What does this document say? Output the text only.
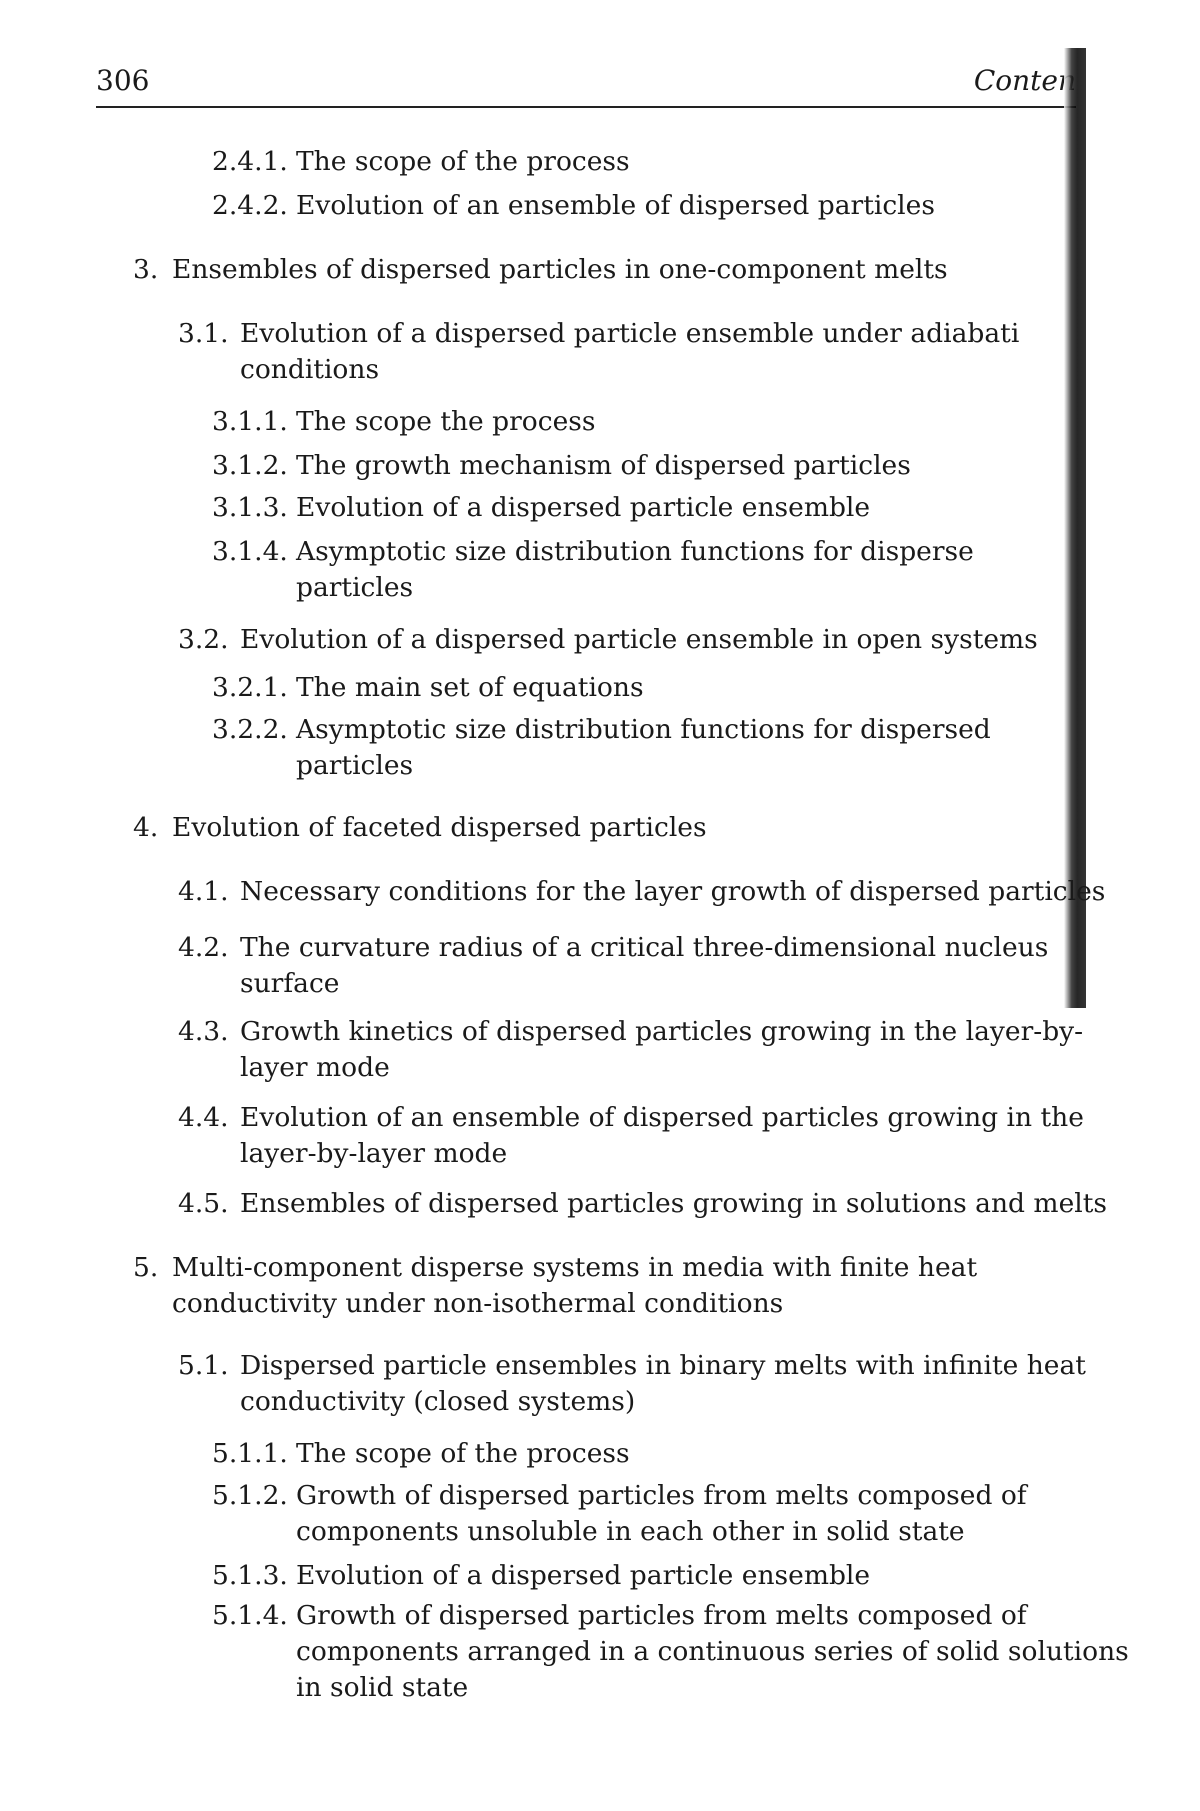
306	Conten
2.4.1. The scope of the process
2.4.2. Evolution of an ensemble of dispersed particles
3. Ensembles of dispersed particles in one-component melts
3.1. Evolution of a dispersed particle ensemble under adiabati
conditions
3.1.1. The scope the process
3.1.2. The growth mechanism of dispersed particles
3.1.3. Evolution of a dispersed particle ensemble
3.1.4. Asymptotic size distribution functions for disperse
particles
3.2. Evolution of a dispersed particle ensemble in open systems
3.2.1. The main set of equations
3.2.2. Asymptotic size distribution functions for dispersed
particles
4. Evolution of faceted dispersed particles
4.1. Necessary conditions for the layer growth of dispersed particles
4.2. The curvature radius of a critical three-dimensional nucleus
surface
4.3. Growth kinetics of dispersed particles growing in the layer-by-
layer mode
4.4. Evolution of an ensemble of dispersed particles growing in the
layer-by-layer mode
4.5. Ensembles of dispersed particles growing in solutions and melts
5. Multi-component disperse systems in media with finite heat
conductivity under non-isothermal conditions
5.1. Dispersed particle ensembles in binary melts with infinite heat
conductivity (closed systems)
5.1.1. The scope of the process
5.1.2. Growth of dispersed particles from melts composed of
components unsoluble in each other in solid state
5.1.3. Evolution of a dispersed particle ensemble
5.1.4. Growth of dispersed particles from melts composed of
components arranged in a continuous series of solid solutions
in solid state
